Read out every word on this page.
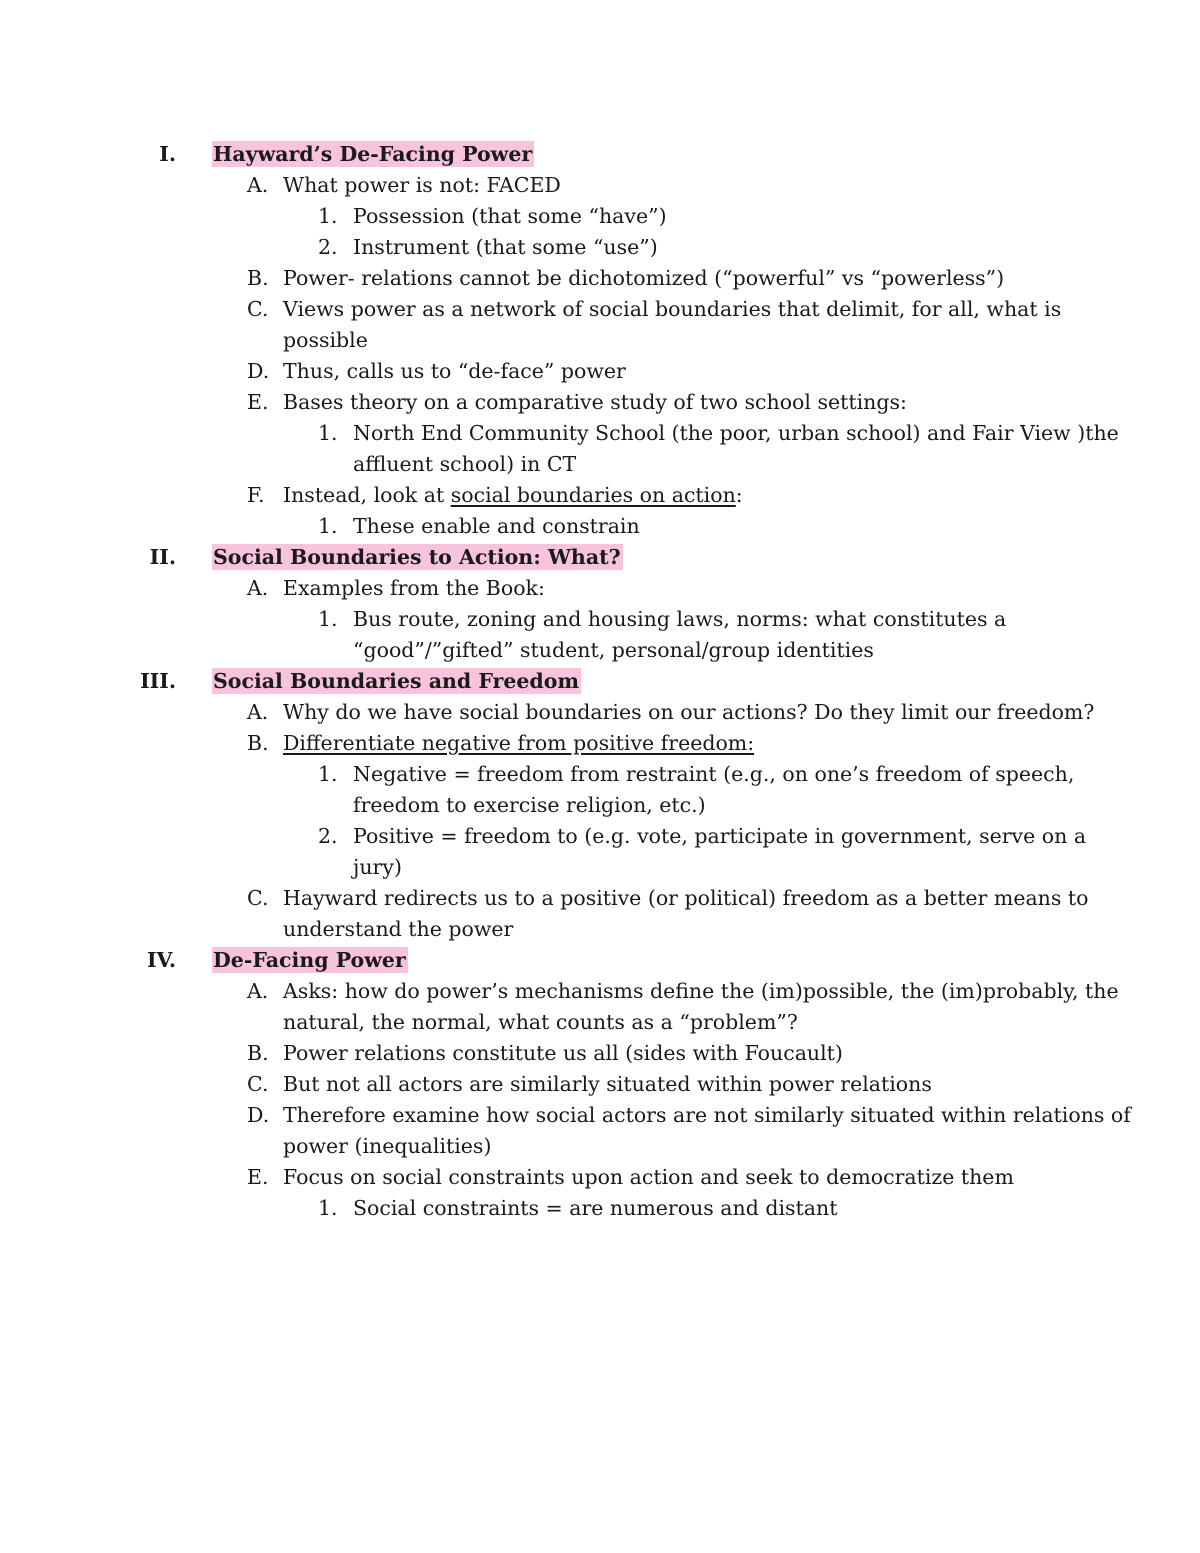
I. Hayward’s De-Facing Power
A. What power is not: FACED
1. Possession (that some “have”)
2. Instrument (that some “use”)
B. Power- relations cannot be dichotomized (“powerful” vs “powerless”)
C. Views power as a network of social boundaries that delimit, for all, what is
possible
D. Thus, calls us to “de-face” power
E. Bases theory on a comparative study of two school settings:
1. North End Community School (the poor, urban school) and Fair View )the
affluent school) in CT
F. Instead, look at social boundaries on action:
1. These enable and constrain
II. Social Boundaries to Action: What?
A. Examples from the Book:
1. Bus route, zoning and housing laws, norms: what constitutes a
“good”/”gifted” student, personal/group identities
III. Social Boundaries and Freedom
A. Why do we have social boundaries on our actions? Do they limit our freedom?
B. Differentiate negative from positive freedom:
1. Negative = freedom from restraint (e.g., on one’s freedom of speech,
freedom to exercise religion, etc.)
2. Positive = freedom to (e.g. vote, participate in government, serve on a
jury)
C. Hayward redirects us to a positive (or political) freedom as a better means to
understand the power
IV. De-Facing Power
A. Asks: how do power’s mechanisms define the (im)possible, the (im)probably, the
natural, the normal, what counts as a “problem”?
B. Power relations constitute us all (sides with Foucault)
C. But not all actors are similarly situated within power relations
D. Therefore examine how social actors are not similarly situated within relations of
power (inequalities)
E. Focus on social constraints upon action and seek to democratize them
1. Social constraints = are numerous and distant
